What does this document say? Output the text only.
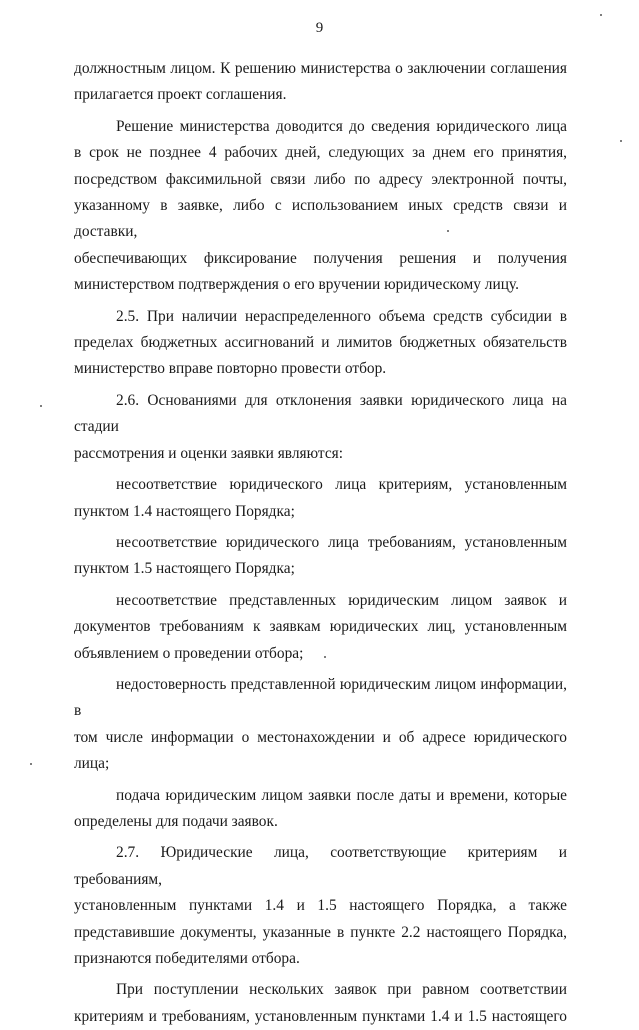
9

должностным лицом. К решению министерства о заключении соглашения

прилагается проект соглашения.

Решение министерства доводится до сведения юридического лица

в срок не позднее 4 рабочих дней, следующих за днем его принятия,

посредством факсимильной связи либо по адресу электронной почты,

указанному в заявке, либо с использованием иных средств связи и доставки,

обеспечивающих фиксирование получения решения и получения

министерством подтверждения о его вручении юридическому лицу.

2.5. При наличии нераспределенного объема средств субсидии в

пределах бюджетных ассигнований и лимитов бюджетных обязательств

министерство вправе повторно провести отбор.

2.6. Основаниями для отклонения заявки юридического лица на стадии

рассмотрения и оценки заявки являются:

несоответствие юридического лица критериям, установленным

пунктом 1.4 настоящего Порядка;

несоответствие юридического лица требованиям, установленным

пунктом 1.5 настоящего Порядка;

несоответствие представленных юридическим лицом заявок и

документов требованиям к заявкам юридических лиц, установленным

объявлением о проведении отбора;

недостоверность представленной юридическим лицом информации, в

том числе информации о местонахождении и об адресе юридического лица;

подача юридическим лицом заявки после даты и времени, которые

определены для подачи заявок.

2.7. Юридические лица, соответствующие критериям и требованиям,

установленным пунктами 1.4 и 1.5 настоящего Порядка, а также

представившие документы, указанные в пункте 2.2 настоящего Порядка,

признаются победителями отбора.

При поступлении нескольких заявок при равном соответствии

критериям и требованиям, установленным пунктами 1.4 и 1.5 настоящего
